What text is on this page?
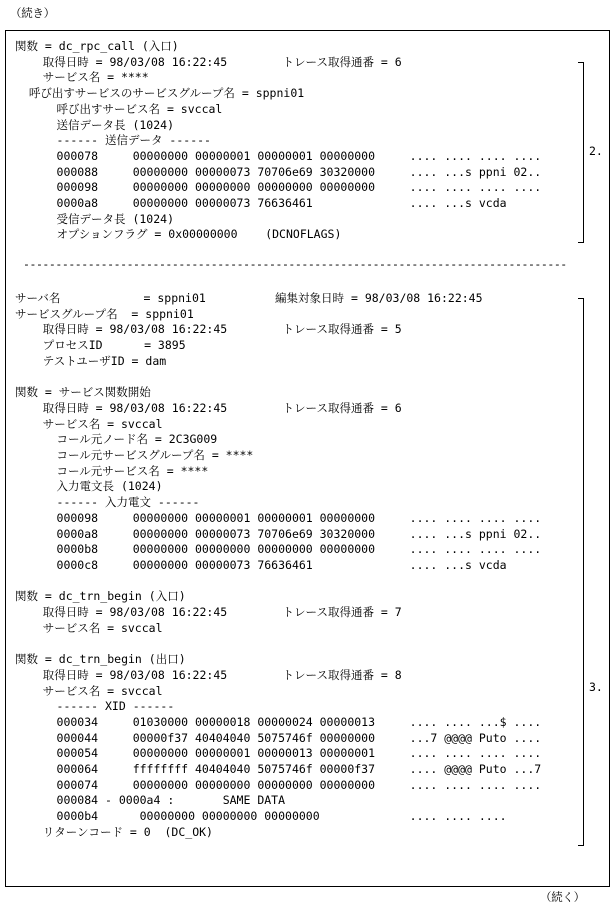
（続き）
関数 = dc_rpc_call (入口)
取得日時 = 98/03/08 16:22:45        トレース取得通番 = 6
サービス名 = ****
呼び出すサービスのサービスグループ名 = sppni01
呼び出すサービス名 = svccal
送信データ長 (1024)
------ 送信データ ------
000078     00000000 00000001 00000001 00000000     .... .... .... ....
000088     00000000 00000073 70706e69 30320000     .... ...s ppni 02..
000098     00000000 00000000 00000000 00000000     .... .... .... ....
0000a8     00000000 00000073 76636461              .... ...s vcda
受信データ長 (1024)
オプションフラグ = 0x00000000    (DCNOFLAGS)
2.
------------------------------------------------------------------------------------
サーバ名            = sppni01          編集対象日時 = 98/03/08 16:22:45
サービスグループ名  = sppni01
取得日時 = 98/03/08 16:22:45        トレース取得通番 = 5
プロセスID      = 3895
テストユーザID = dam
関数 = サービス関数開始
取得日時 = 98/03/08 16:22:45        トレース取得通番 = 6
サービス名 = svccal
コール元ノード名 = 2C3G009
コール元サービスグループ名 = ****
コール元サービス名 = ****
入力電文長 (1024)
------ 入力電文 ------
000098     00000000 00000001 00000001 00000000     .... .... .... ....
0000a8     00000000 00000073 70706e69 30320000     .... ...s ppni 02..
0000b8     00000000 00000000 00000000 00000000     .... .... .... ....
0000c8     00000000 00000073 76636461              .... ...s vcda
関数 = dc_trn_begin (入口)
取得日時 = 98/03/08 16:22:45        トレース取得通番 = 7
サービス名 = svccal
関数 = dc_trn_begin (出口)
取得日時 = 98/03/08 16:22:45        トレース取得通番 = 8
サービス名 = svccal
------ XID ------
000034     01030000 00000018 00000024 00000013     .... .... ...$ ....
000044     00000f37 40404040 5075746f 00000000     ...7 @@@@ Puto ....
000054     00000000 00000001 00000013 00000001     .... .... .... ....
000064     ffffffff 40404040 5075746f 00000f37     .... @@@@ Puto ...7
000074     00000000 00000000 00000000 00000000     .... .... .... ....
000084 - 0000a4 :       SAME DATA
0000b4      00000000 00000000 00000000             .... .... ....
リターンコード = 0  (DC_OK)
3.
（続く）
